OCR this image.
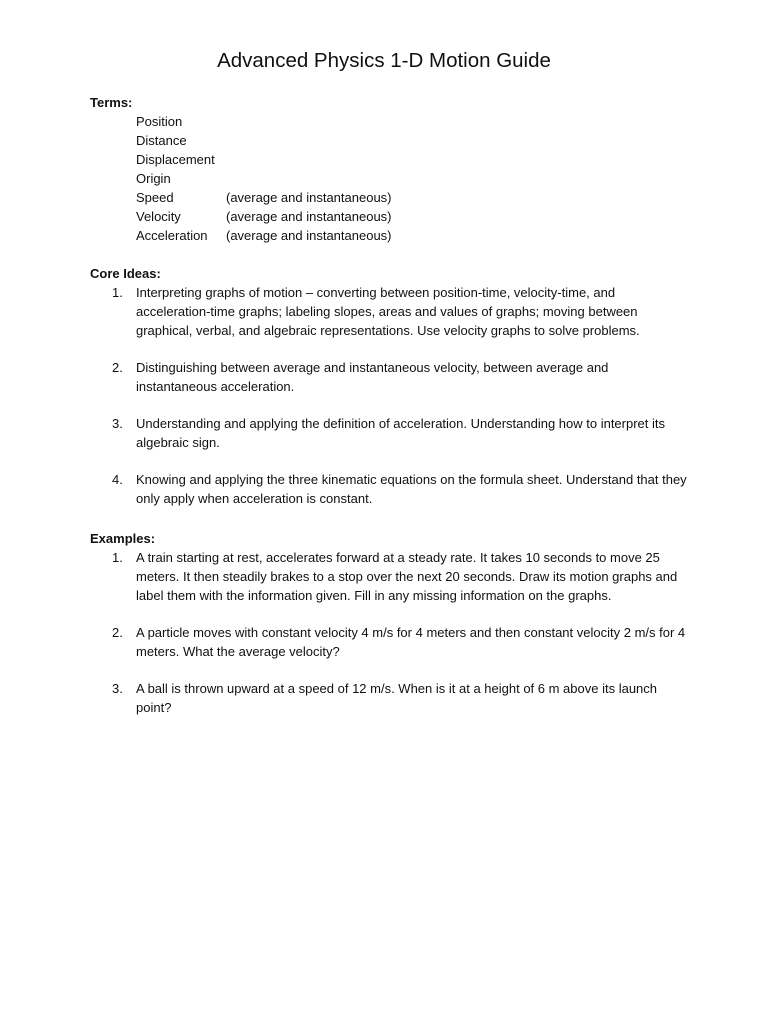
Advanced Physics 1-D Motion Guide
Terms:
Position
Distance
Displacement
Origin
Speed	(average and instantaneous)
Velocity	(average and instantaneous)
Acceleration	(average and instantaneous)
Core Ideas:
1. Interpreting graphs of motion – converting between position-time, velocity-time, and acceleration-time graphs; labeling slopes, areas and values of graphs; moving between graphical, verbal, and algebraic representations. Use velocity graphs to solve problems.
2. Distinguishing between average and instantaneous velocity, between average and instantaneous acceleration.
3. Understanding and applying the definition of acceleration. Understanding how to interpret its algebraic sign.
4. Knowing and applying the three kinematic equations on the formula sheet. Understand that they only apply when acceleration is constant.
Examples:
1. A train starting at rest, accelerates forward at a steady rate. It takes 10 seconds to move 25 meters. It then steadily brakes to a stop over the next 20 seconds. Draw its motion graphs and label them with the information given. Fill in any missing information on the graphs.
2. A particle moves with constant velocity 4 m/s for 4 meters and then constant velocity 2 m/s for 4 meters. What the average velocity?
3. A ball is thrown upward at a speed of 12 m/s. When is it at a height of 6 m above its launch point?
